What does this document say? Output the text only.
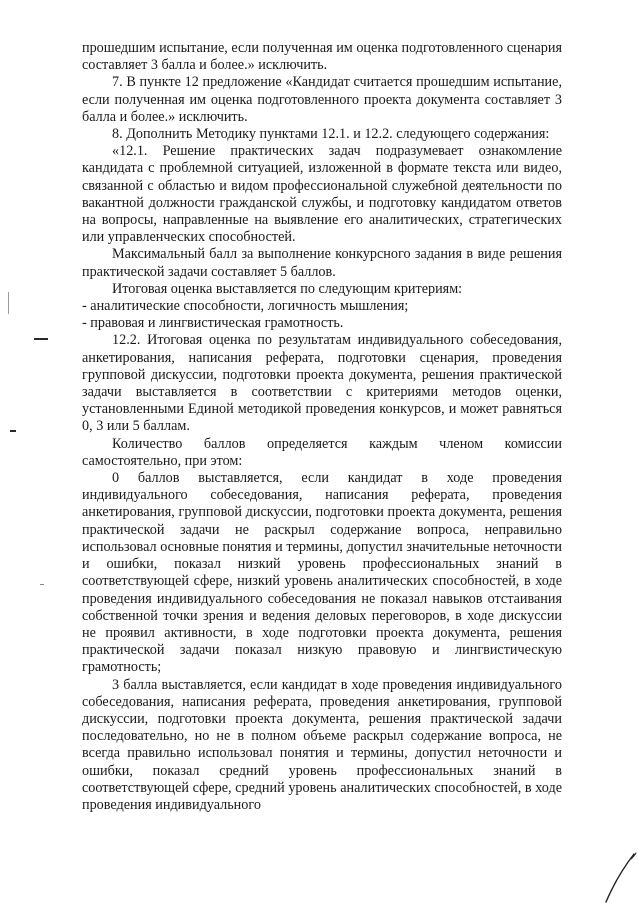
прошедшим испытание, если полученная им оценка подготовленного сценария составляет 3 балла и более.» исключить.

7. В пункте 12 предложение «Кандидат считается прошедшим испытание, если полученная им оценка подготовленного проекта документа составляет 3 балла и более.» исключить.

8. Дополнить Методику пунктами 12.1. и 12.2. следующего содержания:

«12.1. Решение практических задач подразумевает ознакомление кандидата с проблемной ситуацией, изложенной в формате текста или видео, связанной с областью и видом профессиональной служебной деятельности по вакантной должности гражданской службы, и подготовку кандидатом ответов на вопросы, направленные на выявление его аналитических, стратегических или управленческих способностей.

Максимальный балл за выполнение конкурсного задания в виде решения практической задачи составляет 5 баллов.

Итоговая оценка выставляется по следующим критериям:

- аналитические способности, логичность мышления;

- правовая и лингвистическая грамотность.

12.2. Итоговая оценка по результатам индивидуального собеседования, анкетирования, написания реферата, подготовки сценария, проведения групповой дискуссии, подготовки проекта документа, решения практической задачи выставляется в соответствии с критериями методов оценки, установленными Единой методикой проведения конкурсов, и может равняться 0, 3 или 5 баллам.

Количество баллов определяется каждым членом комиссии самостоятельно, при этом:

0 баллов выставляется, если кандидат в ходе проведения индивидуального собеседования, написания реферата, проведения анкетирования, групповой дискуссии, подготовки проекта документа, решения практической задачи не раскрыл содержание вопроса, неправильно использовал основные понятия и термины, допустил значительные неточности и ошибки, показал низкий уровень профессиональных знаний в соответствующей сфере, низкий уровень аналитических способностей, в ходе проведения индивидуального собеседования не показал навыков отстаивания собственной точки зрения и ведения деловых переговоров, в ходе дискуссии не проявил активности, в ходе подготовки проекта документа, решения практической задачи показал низкую правовую и лингвистическую грамотность;

3 балла выставляется, если кандидат в ходе проведения индивидуального собеседования, написания реферата, проведения анкетирования, групповой дискуссии, подготовки проекта документа, решения практической задачи последовательно, но не в полном объеме раскрыл содержание вопроса, не всегда правильно использовал понятия и термины, допустил неточности и ошибки, показал средний уровень профессиональных знаний в соответствующей сфере, средний уровень аналитических способностей, в ходе проведения индивидуального
